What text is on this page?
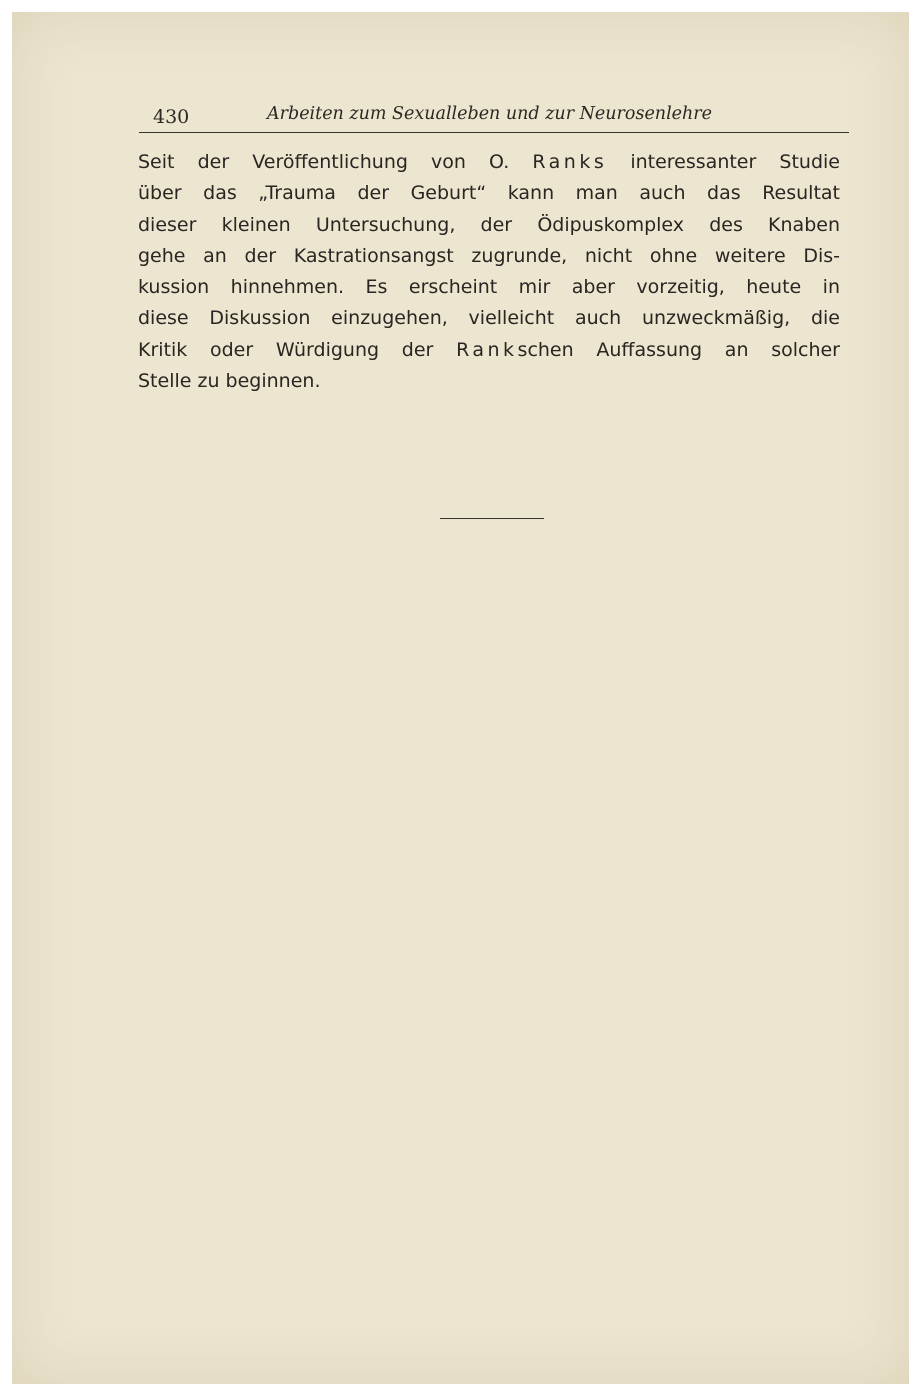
430	Arbeiten zum Sexualleben und zur Neurosenlehre
Seit der Veröffentlichung von O. Ranks interessanter Studie
über das „Trauma der Geburt“ kann man auch das Resultat
dieser kleinen Untersuchung, der Ödipuskomplex des Knaben
gehe an der Kastrationsangst zugrunde, nicht ohne weitere Dis-
kussion hinnehmen. Es erscheint mir aber vorzeitig, heute in
diese Diskussion einzugehen, vielleicht auch unzweckmäßig, die
Kritik oder Würdigung der Rankschen Auffassung an solcher
Stelle zu beginnen.
